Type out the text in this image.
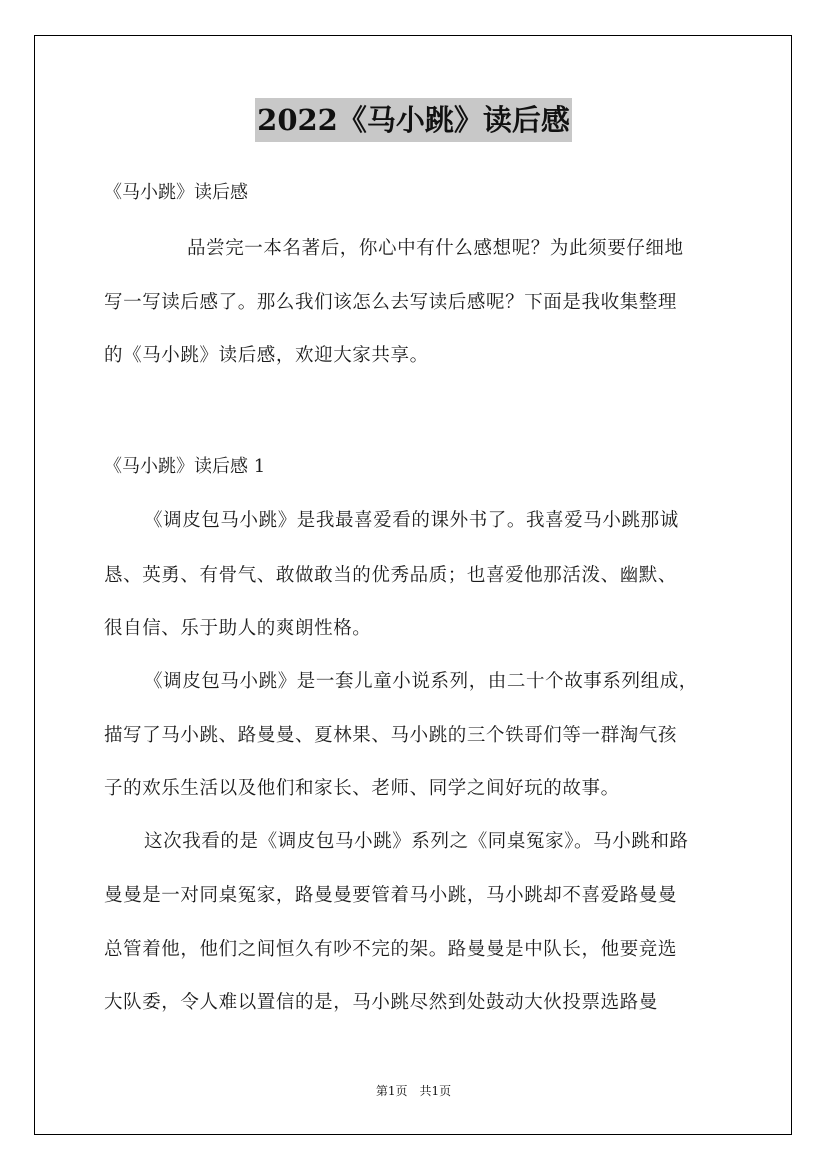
2022《马小跳》读后感
《马小跳》读后感
品尝完一本名著后，你心中有什么感想呢？为此须要仔细地
写一写读后感了。那么我们该怎么去写读后感呢？下面是我收集整理
的《马小跳》读后感，欢迎大家共享。
《马小跳》读后感 1
《调皮包马小跳》是我最喜爱看的课外书了。我喜爱马小跳那诚
恳、英勇、有骨气、敢做敢当的优秀品质；也喜爱他那活泼、幽默、
很自信、乐于助人的爽朗性格。
《调皮包马小跳》是一套儿童小说系列，由二十个故事系列组成，
描写了马小跳、路曼曼、夏林果、马小跳的三个铁哥们等一群淘气孩
子的欢乐生活以及他们和家长、老师、同学之间好玩的故事。
这次我看的是《调皮包马小跳》系列之《同桌冤家》。马小跳和路
曼曼是一对同桌冤家，路曼曼要管着马小跳，马小跳却不喜爱路曼曼
总管着他，他们之间恒久有吵不完的架。路曼曼是中队长，他要竞选
大队委，令人难以置信的是，马小跳尽然到处鼓动大伙投票选路曼
第1页　共1页
